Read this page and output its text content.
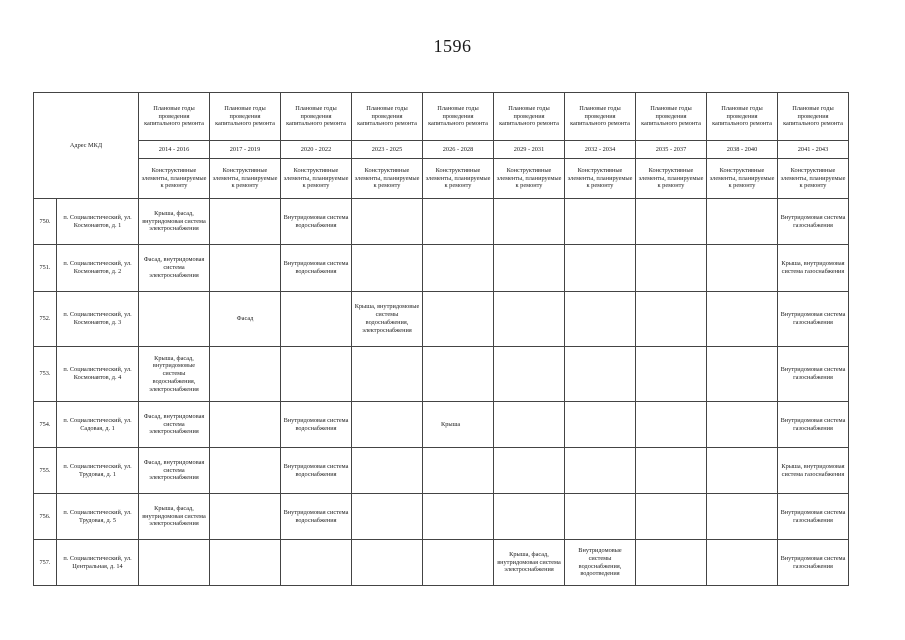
1596
Адрес МКД		Плановые годы проведения капитального ремонта	Плановые годы проведения капитального ремонта	Плановые годы проведения капитального ремонта	Плановые годы проведения капитального ремонта	Плановые годы проведения капитального ремонта	Плановые годы проведения капитального ремонта	Плановые годы проведения капитального ремонта	Плановые годы проведения капитального ремонта	Плановые годы проведения капитального ремонта	Плановые годы проведения капитального ремонта
		2014 - 2016	2017 - 2019	2020 - 2022	2023 - 2025	2026 - 2028	2029 - 2031	2032 - 2034	2035 - 2037	2038 - 2040	2041 - 2043
		Конструктивные элементы, планируемые к ремонту	Конструктивные элементы, планируемые к ремонту	Конструктивные элементы, планируемые к ремонту	Конструктивные элементы, планируемые к ремонту	Конструктивные элементы, планируемые к ремонту	Конструктивные элементы, планируемые к ремонту	Конструктивные элементы, планируемые к ремонту	Конструктивные элементы, планируемые к ремонту	Конструктивные элементы, планируемые к ремонту	Конструктивные элементы, планируемые к ремонту
750.	п. Социалистический, ул. Космонавтов, д. 1	Крыша, фасад, внутридомовая система электроснабжения		Внутридомовая система водоснабжения							Внутридомовая система газоснабжения
751.	п. Социалистический, ул. Космонавтов, д. 2	Фасад, внутридомовая система электроснабжения		Внутридомовая система водоснабжения							Крыша, внутридомовая система газоснабжения
752.	п. Социалистический, ул. Космонавтов, д. 3		Фасад		Крыша, внутридомовые системы водоснабжения, электроснабжения						Внутридомовая система газоснабжения
753.	п. Социалистический, ул. Космонавтов, д. 4	Крыша, фасад, внутридомовые системы водоснабжения, электроснабжения									Внутридомовая система газоснабжения
754.	п. Социалистический, ул. Садовая, д. 1	Фасад, внутридомовая система электроснабжения		Внутридомовая система водоснабжения		Крыша					Внутридомовая система газоснабжения
755.	п. Социалистический, ул. Трудовая, д. 1	Фасад, внутридомовая система электроснабжения		Внутридомовая система водоснабжения							Крыша, внутридомовая система газоснабжения
756.	п. Социалистический, ул. Трудовая, д. 5	Крыша, фасад, внутридомовая система электроснабжения		Внутридомовая система водоснабжения							Внутридомовая система газоснабжения
757.	п. Социалистический, ул. Центральная, д. 14						Крыша, фасад, внутридомовая система электроснабжения	Внутридомовые системы водоснабжения, водоотведения			Внутридомовая система газоснабжения
